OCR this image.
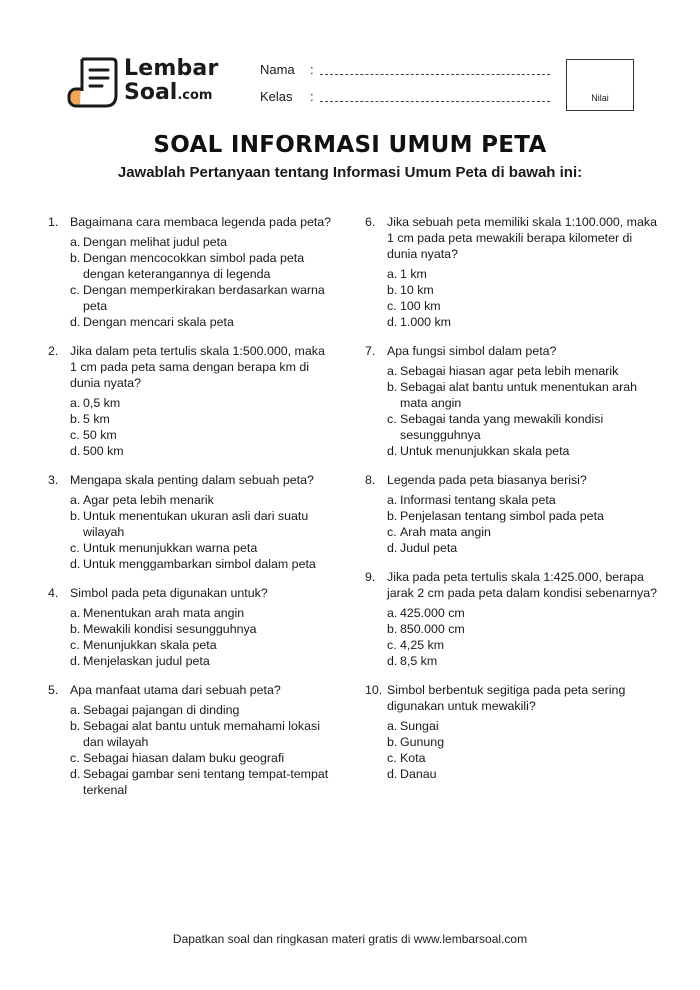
Lembar
Soal.com
Nama	:
Kelas	:	Nilai
SOAL INFORMASI UMUM PETA
Jawablah Pertanyaan tentang Informasi Umum Peta di bawah ini:
1. Bagaimana cara membaca legenda pada peta?
a. Dengan melihat judul peta
b. Dengan mencocokkan simbol pada peta dengan keterangannya di legenda
c. Dengan memperkirakan berdasarkan warna peta
d. Dengan mencari skala peta
2. Jika dalam peta tertulis skala 1:500.000, maka 1 cm pada peta sama dengan berapa km di dunia nyata?
a. 0,5 km
b. 5 km
c. 50 km
d. 500 km
3. Mengapa skala penting dalam sebuah peta?
a. Agar peta lebih menarik
b. Untuk menentukan ukuran asli dari suatu wilayah
c. Untuk menunjukkan warna peta
d. Untuk menggambarkan simbol dalam peta
4. Simbol pada peta digunakan untuk?
a. Menentukan arah mata angin
b. Mewakili kondisi sesungguhnya
c. Menunjukkan skala peta
d. Menjelaskan judul peta
5. Apa manfaat utama dari sebuah peta?
a. Sebagai pajangan di dinding
b. Sebagai alat bantu untuk memahami lokasi dan wilayah
c. Sebagai hiasan dalam buku geografi
d. Sebagai gambar seni tentang tempat-tempat terkenal
6. Jika sebuah peta memiliki skala 1:100.000, maka 1 cm pada peta mewakili berapa kilometer di dunia nyata?
a. 1 km
b. 10 km
c. 100 km
d. 1.000 km
7. Apa fungsi simbol dalam peta?
a. Sebagai hiasan agar peta lebih menarik
b. Sebagai alat bantu untuk menentukan arah mata angin
c. Sebagai tanda yang mewakili kondisi sesungguhnya
d. Untuk menunjukkan skala peta
8. Legenda pada peta biasanya berisi?
a. Informasi tentang skala peta
b. Penjelasan tentang simbol pada peta
c. Arah mata angin
d. Judul peta
9. Jika pada peta tertulis skala 1:425.000, berapa jarak 2 cm pada peta dalam kondisi sebenarnya?
a. 425.000 cm
b. 850.000 cm
c. 4,25 km
d. 8,5 km
10. Simbol berbentuk segitiga pada peta sering digunakan untuk mewakili?
a. Sungai
b. Gunung
c. Kota
d. Danau
Dapatkan soal dan ringkasan materi gratis di www.lembarsoal.com
